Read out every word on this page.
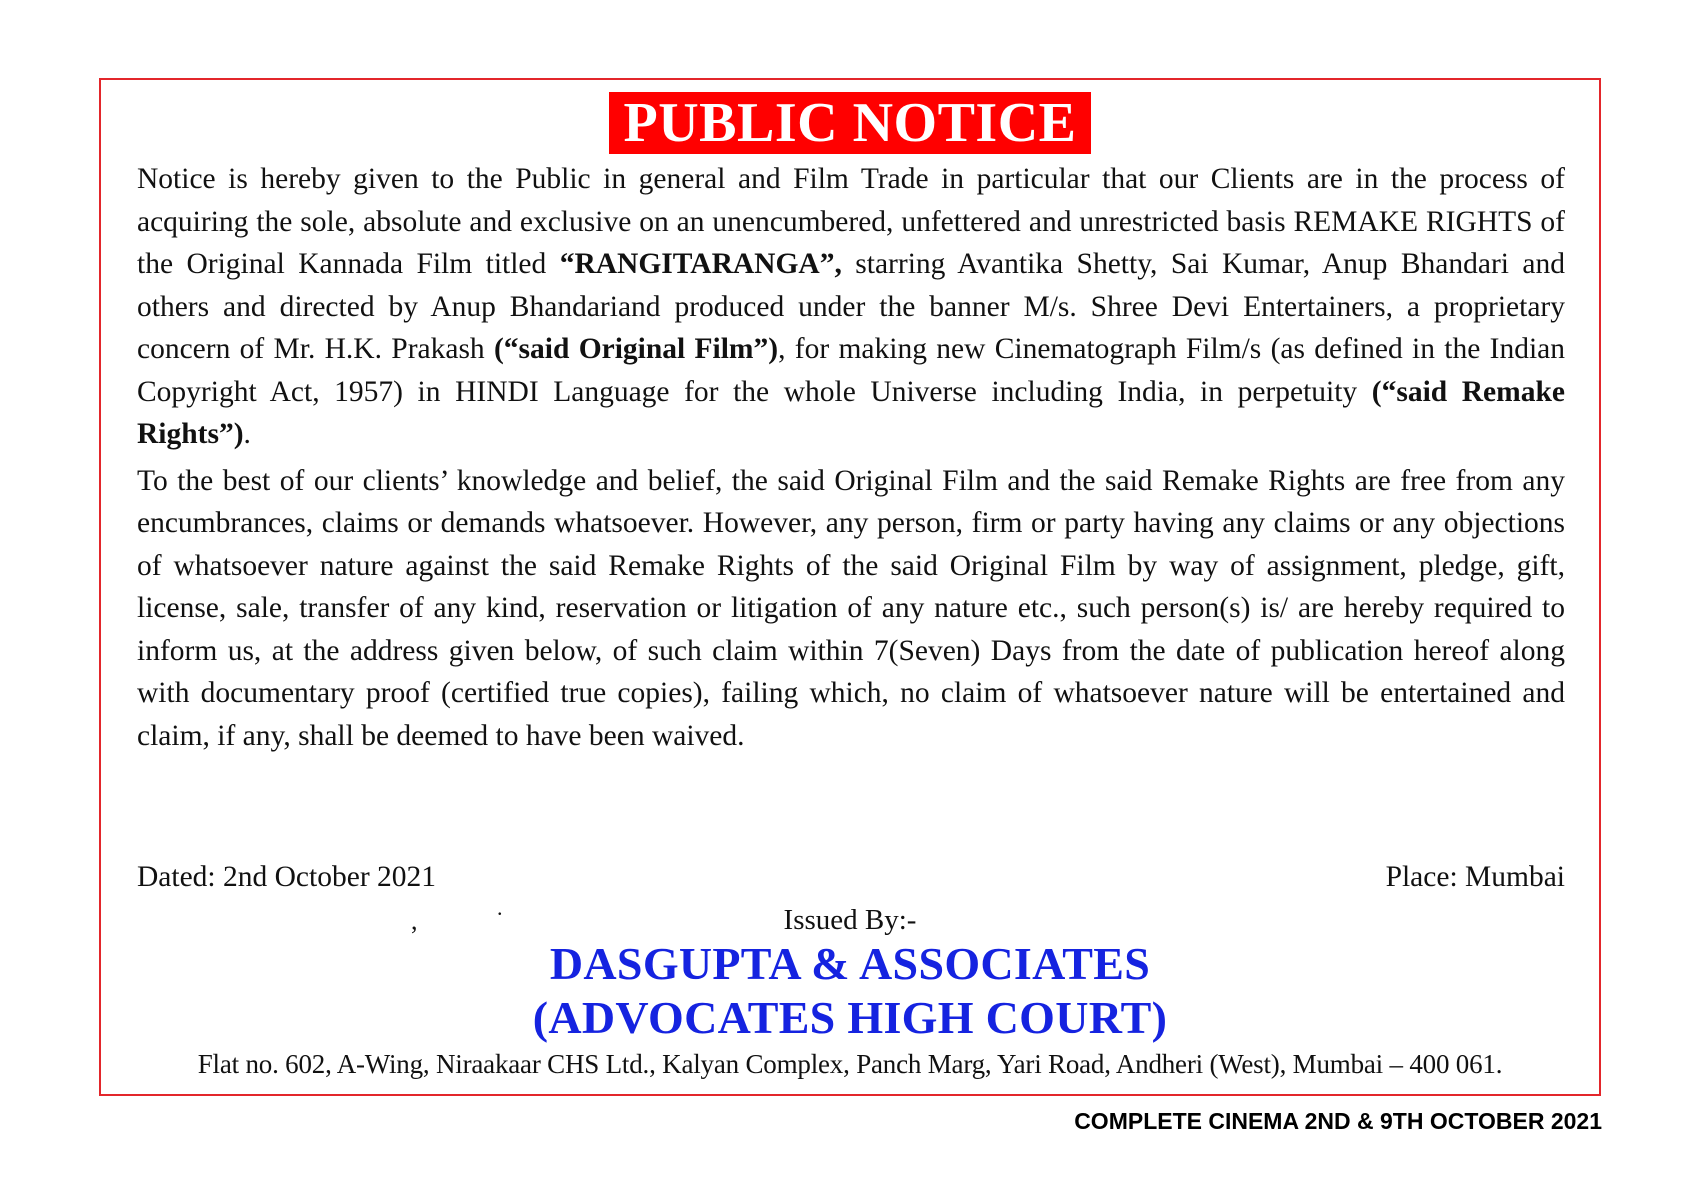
PUBLIC NOTICE

Notice is hereby given to the Public in general and Film Trade in particular that our Clients are in the process of acquiring the sole, absolute and exclusive on an unencumbered, unfettered and unrestricted basis REMAKE RIGHTS of the Original Kannada Film titled “RANGITARANGA”, starring Avantika Shetty, Sai Kumar, Anup Bhandari and others and directed by Anup Bhandariand produced under the banner M/s. Shree Devi Entertainers, a proprietary concern of Mr. H.K. Prakash (“said Original Film”), for making new Cinematograph Film/s (as defined in the Indian Copyright Act, 1957) in HINDI Language for the whole Universe including India, in perpetuity (“said Remake Rights”).

To the best of our clients’ knowledge and belief, the said Original Film and the said Remake Rights are free from any encumbrances, claims or demands whatsoever. However, any person, firm or party having any claims or any objections of whatsoever nature against the said Remake Rights of the said Original Film by way of assignment, pledge, gift, license, sale, transfer of any kind, reservation or litigation of any nature etc., such person(s) is/ are hereby required to inform us, at the address given below, of such claim within 7(Seven) Days from the date of publication hereof along with documentary proof (certified true copies), failing which, no claim of whatsoever nature will be entertained and claim, if any, shall be deemed to have been waived.

Dated: 2nd October 2021	Place: Mumbai
,	.	Issued By:-
DASGUPTA & ASSOCIATES
(ADVOCATES HIGH COURT)
Flat no. 602, A-Wing, Niraakaar CHS Ltd., Kalyan Complex, Panch Marg, Yari Road, Andheri (West), Mumbai – 400 061.
COMPLETE CINEMA 2ND & 9TH OCTOBER 2021
